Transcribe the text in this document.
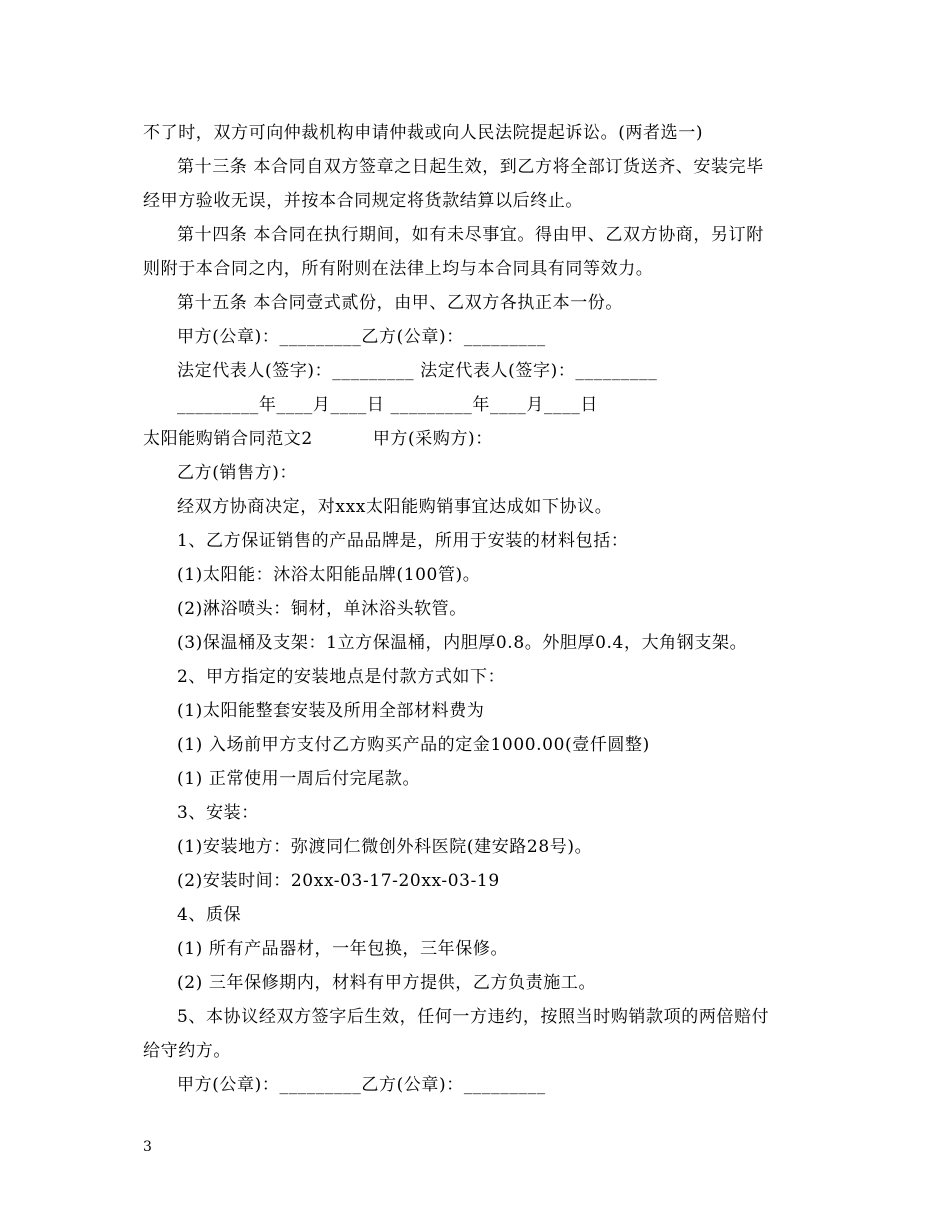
不了时，双方可向仲裁机构申请仲裁或向人民法院提起诉讼。(两者选一)
第十三条 本合同自双方签章之日起生效，到乙方将全部订货送齐、安装完毕
经甲方验收无误，并按本合同规定将货款结算以后终止。
第十四条 本合同在执行期间，如有未尽事宜。得由甲、乙双方协商，另订附
则附于本合同之内，所有附则在法律上均与本合同具有同等效力。
第十五条 本合同壹式贰份，由甲、乙双方各执正本一份。
甲方(公章)：_________乙方(公章)：_________
法定代表人(签字)：_________ 法定代表人(签字)：_________
_________年____月____日 _________年____月____日
太阳能购销合同范文2	甲方(采购方)：
乙方(销售方)：
经双方协商决定，对xxx太阳能购销事宜达成如下协议。
1、乙方保证销售的产品品牌是，所用于安装的材料包括：
(1)太阳能：沐浴太阳能品牌(100管)。
(2)淋浴喷头：铜材，单沐浴头软管。
(3)保温桶及支架：1立方保温桶，内胆厚0.8。外胆厚0.4，大角钢支架。
2、甲方指定的安装地点是付款方式如下：
(1)太阳能整套安装及所用全部材料费为
(1) 入场前甲方支付乙方购买产品的定金1000.00(壹仟圆整)
(1) 正常使用一周后付完尾款。
3、安装：
(1)安装地方：弥渡同仁微创外科医院(建安路28号)。
(2)安装时间：20xx-03-17-20xx-03-19
4、质保
(1) 所有产品器材，一年包换，三年保修。
(2) 三年保修期内，材料有甲方提供，乙方负责施工。
5、本协议经双方签字后生效，任何一方违约，按照当时购销款项的两倍赔付
给守约方。
甲方(公章)：_________乙方(公章)：_________
3
